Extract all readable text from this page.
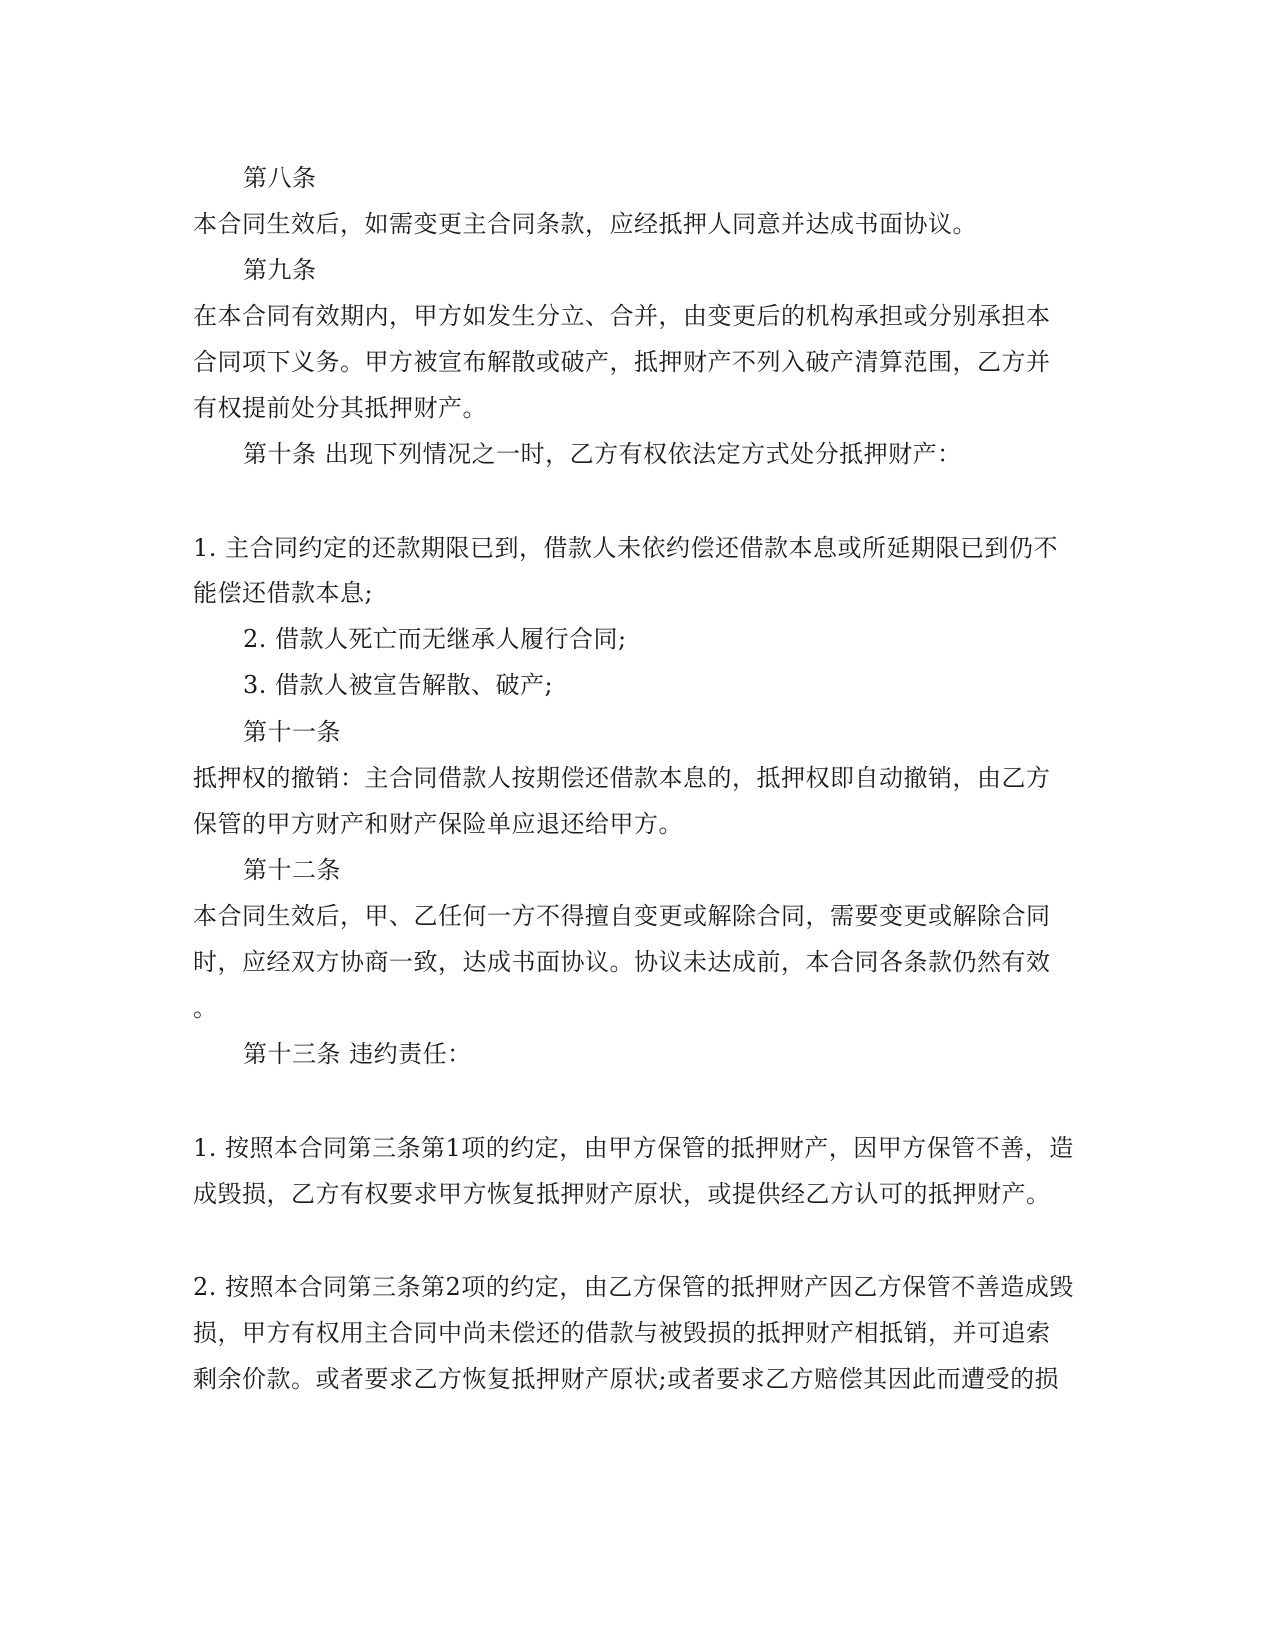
第八条
本合同生效后，如需变更主合同条款，应经抵押人同意并达成书面协议。
第九条
在本合同有效期内，甲方如发生分立、合并，由变更后的机构承担或分别承担本
合同项下义务。甲方被宣布解散或破产，抵押财产不列入破产清算范围，乙方并
有权提前处分其抵押财产。
第十条 出现下列情况之一时，乙方有权依法定方式处分抵押财产：
1. 主合同约定的还款期限已到，借款人未依约偿还借款本息或所延期限已到仍不
能偿还借款本息;
2. 借款人死亡而无继承人履行合同;
3. 借款人被宣告解散、破产;
第十一条
抵押权的撤销：主合同借款人按期偿还借款本息的，抵押权即自动撤销，由乙方
保管的甲方财产和财产保险单应退还给甲方。
第十二条
本合同生效后，甲、乙任何一方不得擅自变更或解除合同，需要变更或解除合同
时，应经双方协商一致，达成书面协议。协议未达成前，本合同各条款仍然有效
。
第十三条 违约责任：
1. 按照本合同第三条第1项的约定，由甲方保管的抵押财产，因甲方保管不善，造
成毁损，乙方有权要求甲方恢复抵押财产原状，或提供经乙方认可的抵押财产。
2. 按照本合同第三条第2项的约定，由乙方保管的抵押财产因乙方保管不善造成毁
损，甲方有权用主合同中尚未偿还的借款与被毁损的抵押财产相抵销，并可追索
剩余价款。或者要求乙方恢复抵押财产原状;或者要求乙方赔偿其因此而遭受的损
